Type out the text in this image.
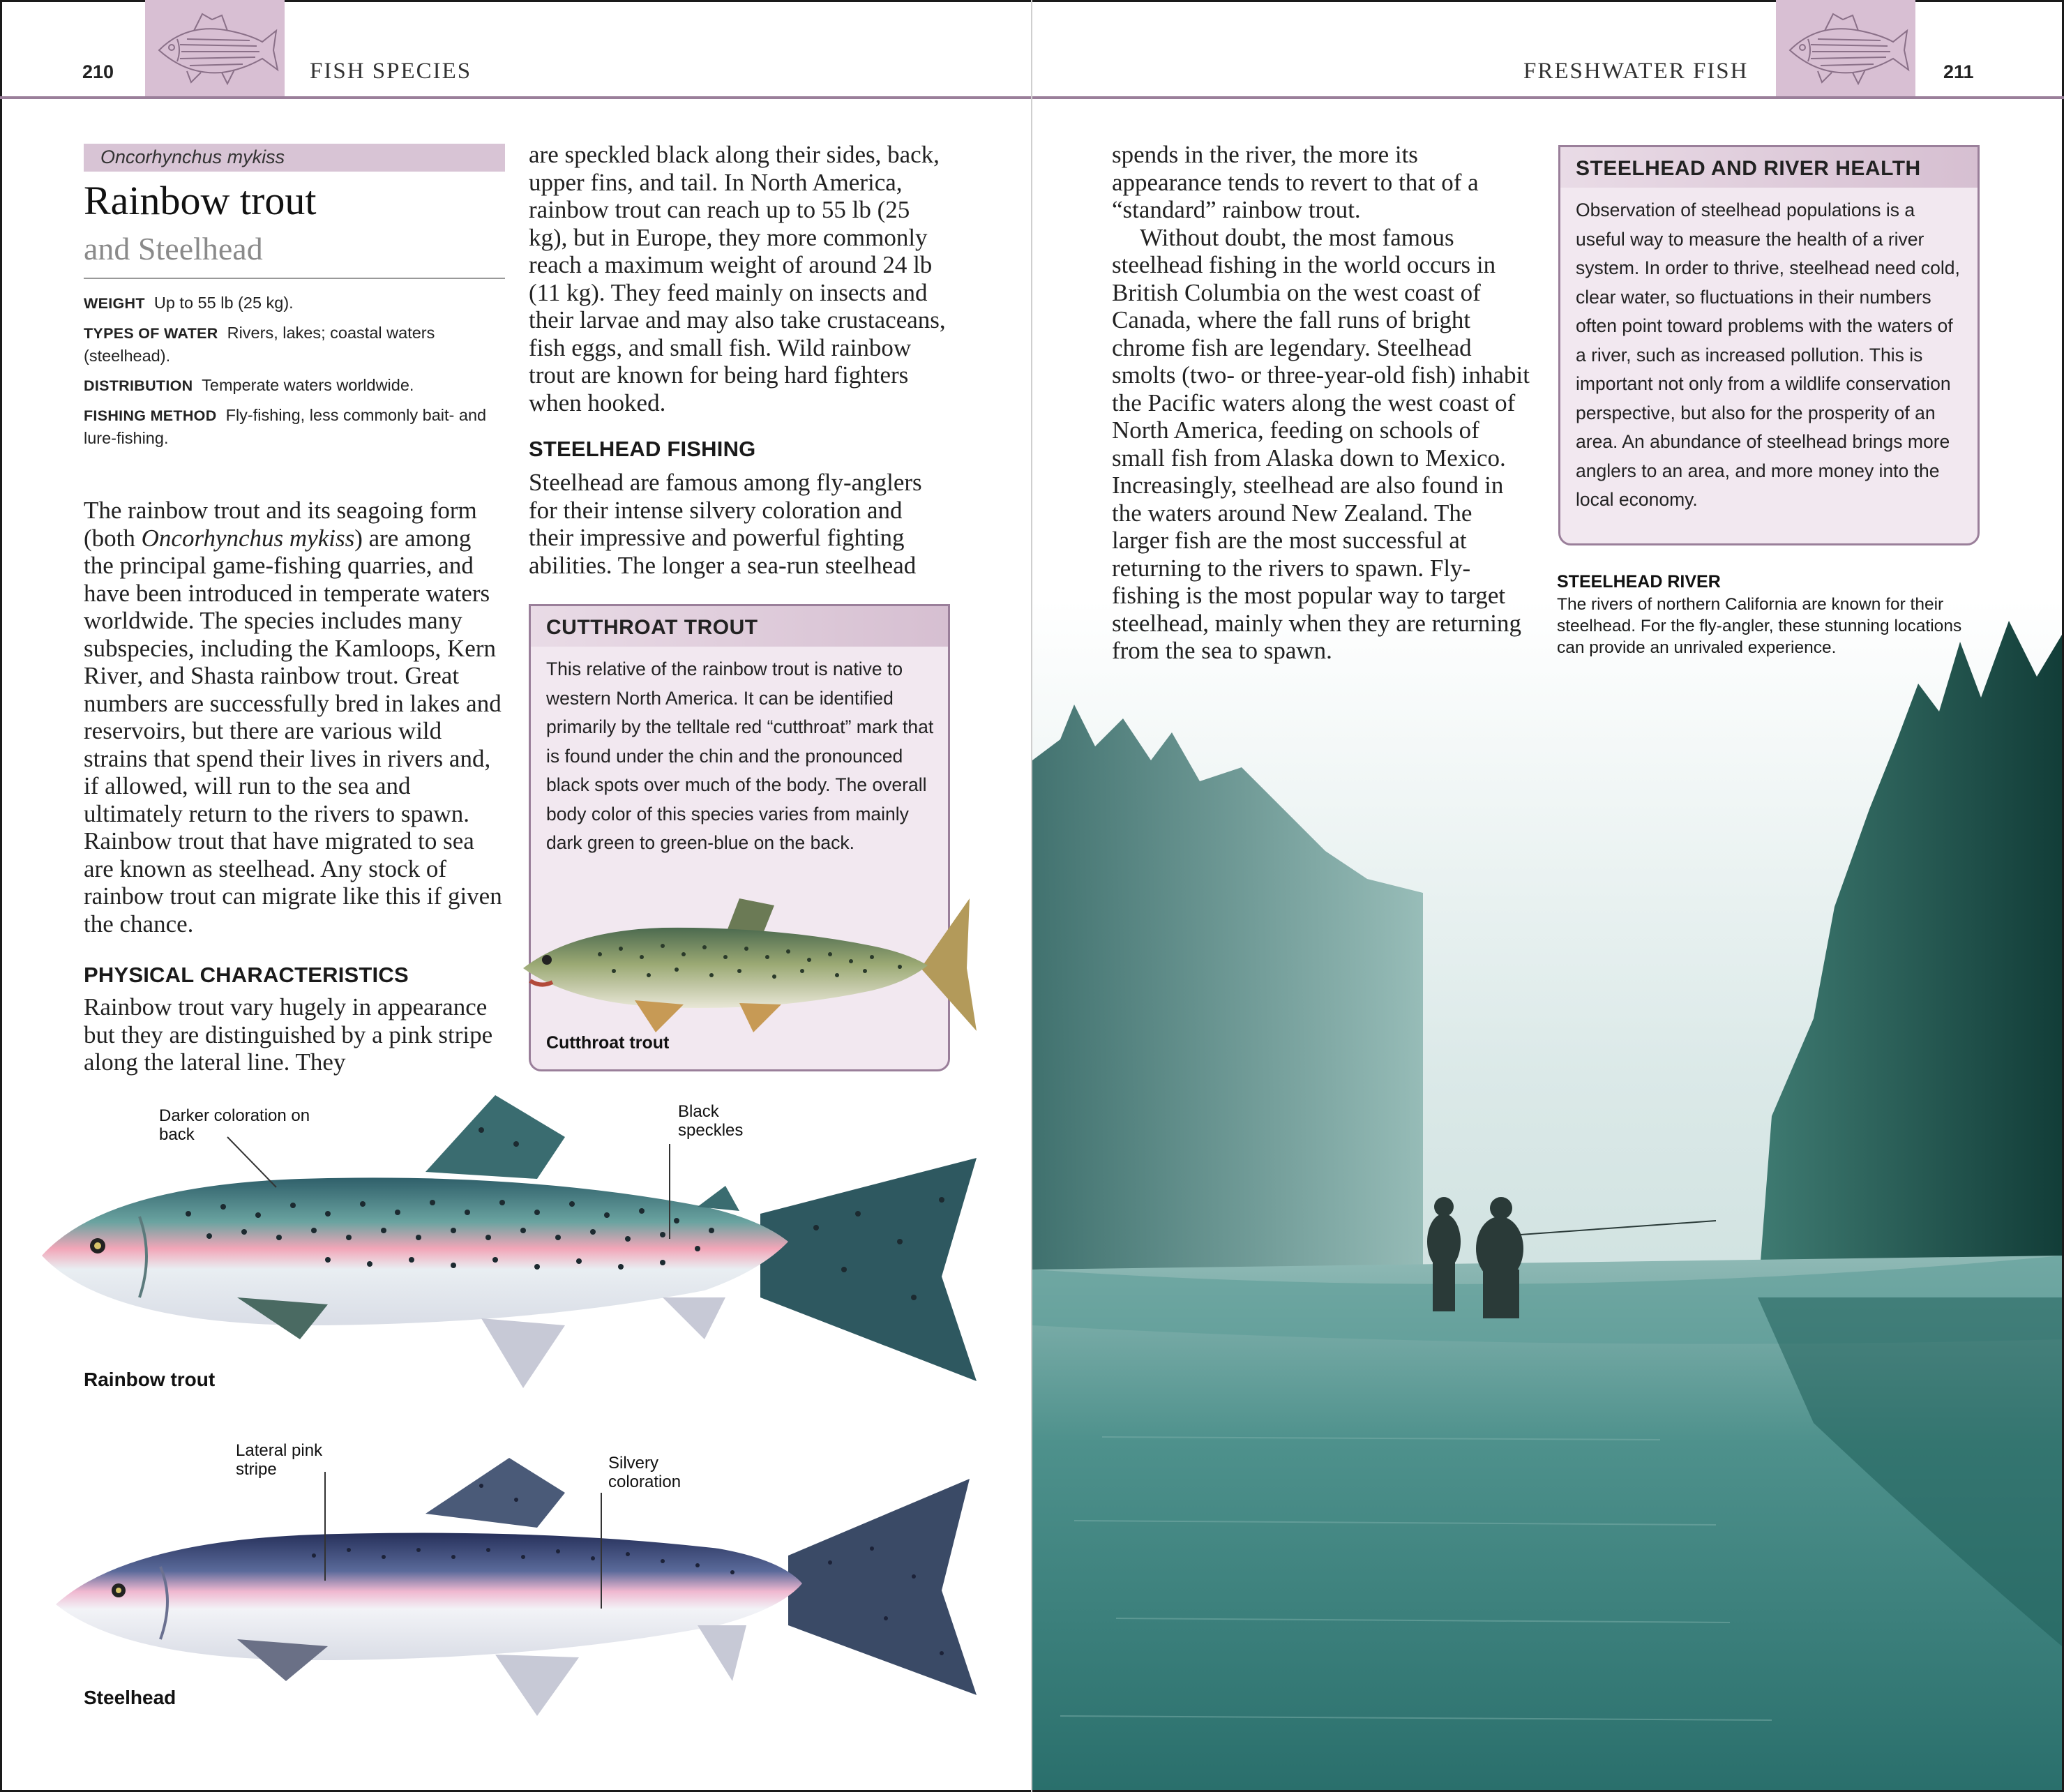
210	FISH SPECIES	FRESHWATER FISH	211
Oncorhynchus mykiss
Rainbow trout
and Steelhead

WEIGHT Up to 55 lb (25 kg).

TYPES OF WATER Rivers, lakes; coastal waters (steelhead).

DISTRIBUTION Temperate waters worldwide.

FISHING METHOD Fly-fishing, less commonly bait- and lure-fishing.

The rainbow trout and its seagoing form (both Oncorhynchus mykiss) are among the principal game-fishing quarries, and have been introduced in temperate waters worldwide. The species includes many subspecies, including the Kamloops, Kern River, and Shasta rainbow trout. Great numbers are successfully bred in lakes and reservoirs, but there are various wild strains that spend their lives in rivers and, if allowed, will run to the sea and ultimately return to the rivers to spawn. Rainbow trout that have migrated to sea are known as steelhead. Any stock of rainbow trout can migrate like this if given the chance.

PHYSICAL CHARACTERISTICS
Rainbow trout vary hugely in appearance but they are distinguished by a pink stripe along the lateral line. They
are speckled black along their sides, back, upper fins, and tail. In North America, rainbow trout can reach up to 55 lb (25 kg), but in Europe, they more commonly reach a maximum weight of around 24 lb (11 kg). They feed mainly on insects and their larvae and may also take crustaceans, fish eggs, and small fish. Wild rainbow trout are known for being hard fighters when hooked.
STEELHEAD FISHING
Steelhead are famous among fly-anglers for their intense silvery coloration and their impressive and powerful fighting abilities. The longer a sea-run steelhead
CUTTHROAT TROUT
This relative of the rainbow trout is native to western North America. It can be identified primarily by the telltale red “cutthroat” mark that is found under the chin and the pronounced black spots over much of the body. The overall body color of this species varies from mainly dark green to green-blue on the back.
Cutthroat trout
Darker coloration on back
Black speckles
Rainbow trout
Lateral pink stripe	Silvery coloration
Steelhead

spends in the river, the more its appearance tends to revert to that of a “standard” rainbow trout.

Without doubt, the most famous steelhead fishing in the world occurs in British Columbia on the west coast of Canada, where the fall runs of bright chrome fish are legendary. Steelhead smolts (two- or three-year-old fish) inhabit the Pacific waters along the west coast of North America, feeding on schools of small fish from Alaska down to Mexico. Increasingly, steelhead are also found in the waters around New Zealand. The larger fish are the most successful at returning to the rivers to spawn. Fly-fishing is the most popular way to target steelhead, mainly when they are returning from the sea to spawn.

STEELHEAD AND RIVER HEALTH
Observation of steelhead populations is a useful way to measure the health of a river system. In order to thrive, steelhead need cold, clear water, so fluctuations in their numbers often point toward problems with the waters of a river, such as increased pollution. This is important not only from a wildlife conservation perspective, but also for the prosperity of an area. An abundance of steelhead brings more anglers to an area, and more money into the local economy.
STEELHEAD RIVER
The rivers of northern California are known for their steelhead. For the fly-angler, these stunning locations can provide an unrivaled experience.
